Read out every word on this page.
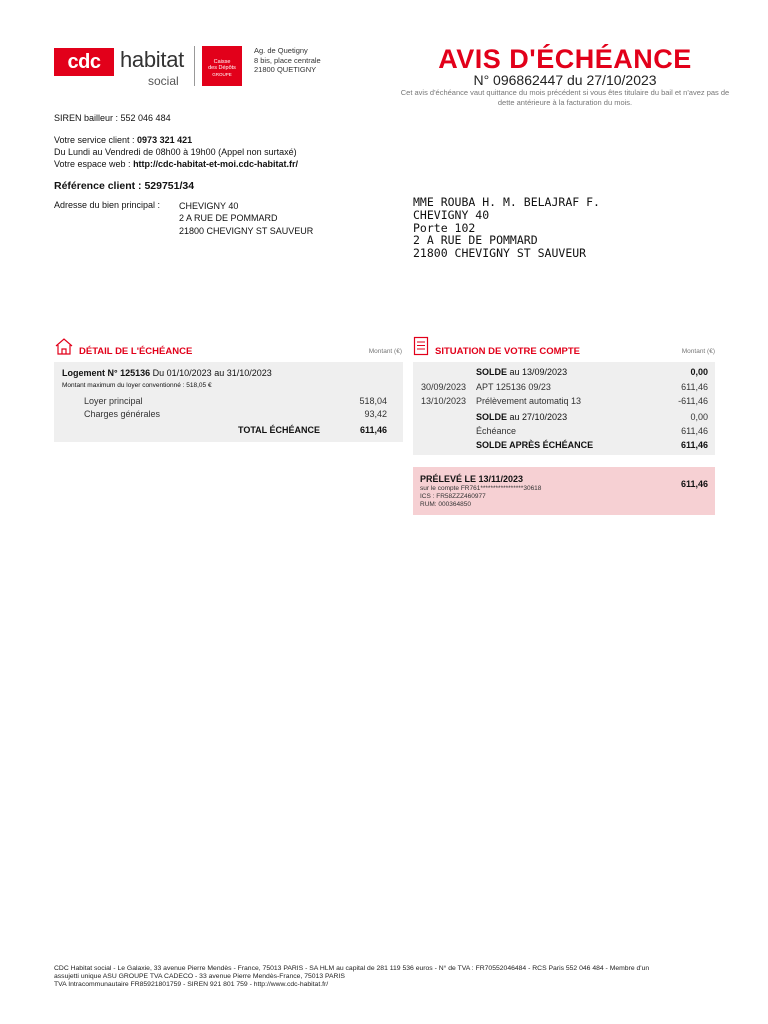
cdc habitat
social
Caisse
des Dépôts
GROUPE
Ag. de Quetigny
8 bis, place centrale
21800 QUETIGNY	AVIS D'ÉCHÉANCE
N° 096862447 du 27/10/2023
Cet avis d'échéance vaut quittance du mois précédent si vous êtes titulaire du bail et n'avez pas de dette antérieure à la facturation du mois.
SIREN bailleur : 552 046 484
Votre service client : 0973 321 421
Du Lundi au Vendredi de 08h00 à 19h00 (Appel non surtaxé)
Votre espace web : http://cdc-habitat-et-moi.cdc-habitat.fr/
Référence client : 529751/34
Adresse du bien principal : CHEVIGNY 40
2 A RUE DE POMMARD
21800 CHEVIGNY ST SAUVEUR
MME ROUBA H. M. BELAJRAF F.
CHEVIGNY 40
Porte 102
2 A RUE DE POMMARD
21800 CHEVIGNY ST SAUVEUR
DÉTAIL DE L'ÉCHÉANCE	Montant (€)
Logement N° 125136 Du 01/10/2023 au 31/10/2023
Montant maximum du loyer conventionné : 518,05 €
Loyer principal	518,04
Charges générales	93,42
TOTAL ÉCHÉANCE	611,46
SITUATION DE VOTRE COMPTE	Montant (€)
SOLDE au 13/09/2023	0,00
30/09/2023 APT 125136 09/23	611,46
13/10/2023 Prélèvement automatiq 13	-611,46
SOLDE au 27/10/2023	0,00
Échéance	611,46
SOLDE APRÈS ÉCHÉANCE	611,46
PRÉLEVÉ LE 13/11/2023	611,46
sur le compte FR761*****************30618
ICS : FR58ZZZ460977
RUM: 000364850
CDC Habitat social - Le Galaxie, 33 avenue Pierre Mendès - France, 75013 PARIS - SA HLM au capital de 281 119 536 euros - N° de TVA : FR70552046484 - RCS Paris 552 046 484 - Membre d'un
assujetti unique ASU GROUPE TVA CADECO - 33 avenue Pierre Mendès-France, 75013 PARIS
TVA Intracommunautaire FR85921801759 - SIREN 921 801 759 - http://www.cdc-habitat.fr/
